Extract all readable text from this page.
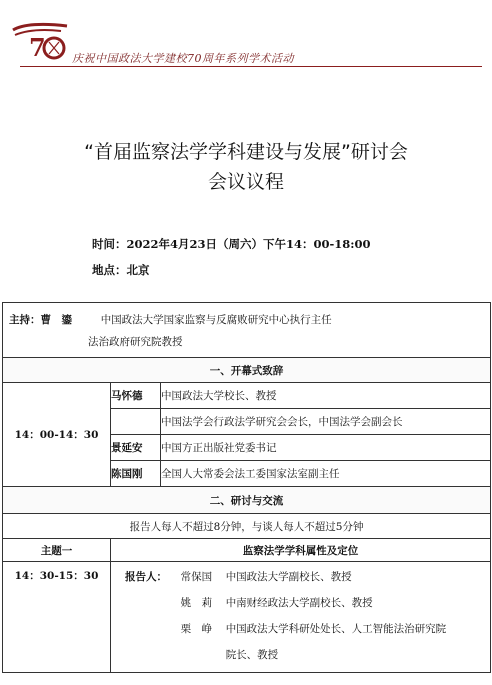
7 庆祝中国政法大学建校70周年系列学术活动
“首届监察法学学科建设与发展”研讨会
会议议程
时间：2022年4月23日（周六）下午14：00-18:00
地点：北京
主持：曹　鎏 中国政法大学国家监察与反腐败研究中心执行主任
法治政府研究院教授		

一、开幕式致辞		
14：00-14：30	马怀德	中国政法大学校长、教授
		中国法学会行政法学研究会会长，中国法学会副会长
	景延安	中国方正出版社党委书记
	陈国刚	全国人大常委会法工委国家法室副主任
二、研讨与交流		
报告人每人不超过8分钟，与谈人每人不超过5分钟		
主题一	监察法学学科属性及定位	
14：30-15：30	报告人： 常保国 中国政法大学副校长、教授
姚　莉 中南财经政法大学副校长、教授
栗　峥 中国政法大学科研处处长、人工智能法治研究院
院长、教授	
